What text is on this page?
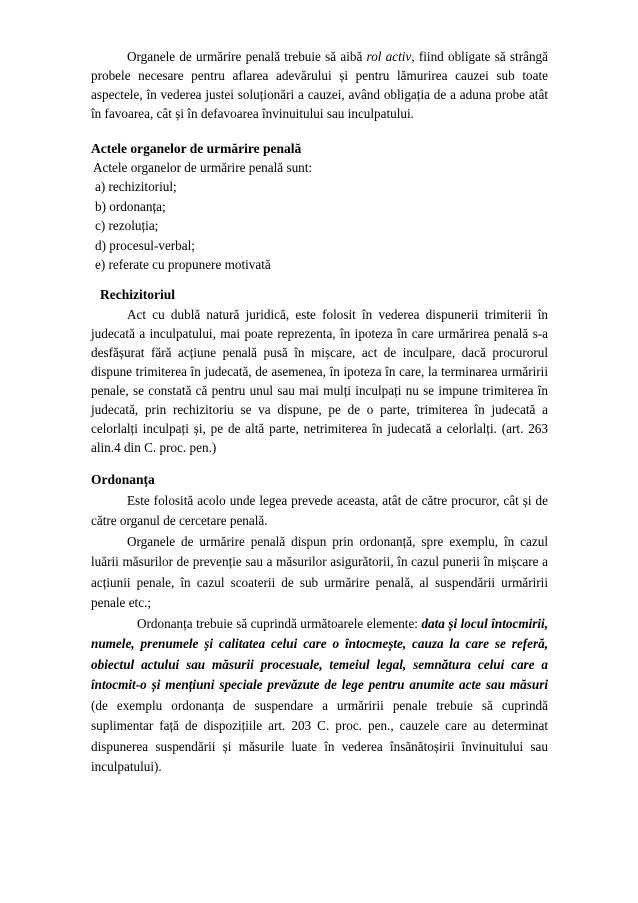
Organele de urmărire penală trebuie să aibă rol activ, fiind obligate să strângă probele necesare pentru aflarea adevărului și pentru lămurirea cauzei sub toate aspectele, în vederea justei soluționări a cauzei, având obligația de a aduna probe atât în favoarea, cât și în defavoarea învinuitului sau inculpatului.

Actele organelor de urmărire penală
Actele organelor de urmărire penală sunt:
a) rechizitoriul;
b) ordonanța;
c) rezoluția;
d) procesul-verbal;
e) referate cu propunere motivată
Rechizitoriul

Act cu dublă natură juridică, este folosit în vederea dispunerii trimiterii în judecată a inculpatului, mai poate reprezenta, în ipoteza în care urmărirea penală s-a desfășurat fără acțiune penală pusă în mișcare, act de inculpare, dacă procurorul dispune trimiterea în judecată, de asemenea, în ipoteza în care, la terminarea urmăririi penale, se constată că pentru unul sau mai mulți inculpați nu se impune trimiterea în judecată, prin rechizitoriu se va dispune, pe de o parte, trimiterea în judecată a celorlalți inculpați și, pe de altă parte, netrimiterea în judecată a celorlalți. (art. 263 alin.4 din C. proc. pen.)

Ordonanța

Este folosită acolo unde legea prevede aceasta, atât de către procuror, cât și de către organul de cercetare penală.

Organele de urmărire penală dispun prin ordonanță, spre exemplu, în cazul luării măsurilor de prevenție sau a măsurilor asigurătorii, în cazul punerii în mișcare a acțiunii penale, în cazul scoaterii de sub urmărire penală, al suspendării urmăririi penale etc.;

Ordonanța trebuie să cuprindă următoarele elemente: data și locul întocmirii, numele, prenumele și calitatea celui care o întocmește, cauza la care se referă, obiectul actului sau măsurii procesuale, temeiul legal, semnătura celui care a întocmit-o și mențiuni speciale prevăzute de lege pentru anumite acte sau măsuri (de exemplu ordonanța de suspendare a urmăririi penale trebuie să cuprindă suplimentar față de dispozițiile art. 203 C. proc. pen., cauzele care au determinat dispunerea suspendării și măsurile luate în vederea însănătoșirii învinuitului sau inculpatului).
